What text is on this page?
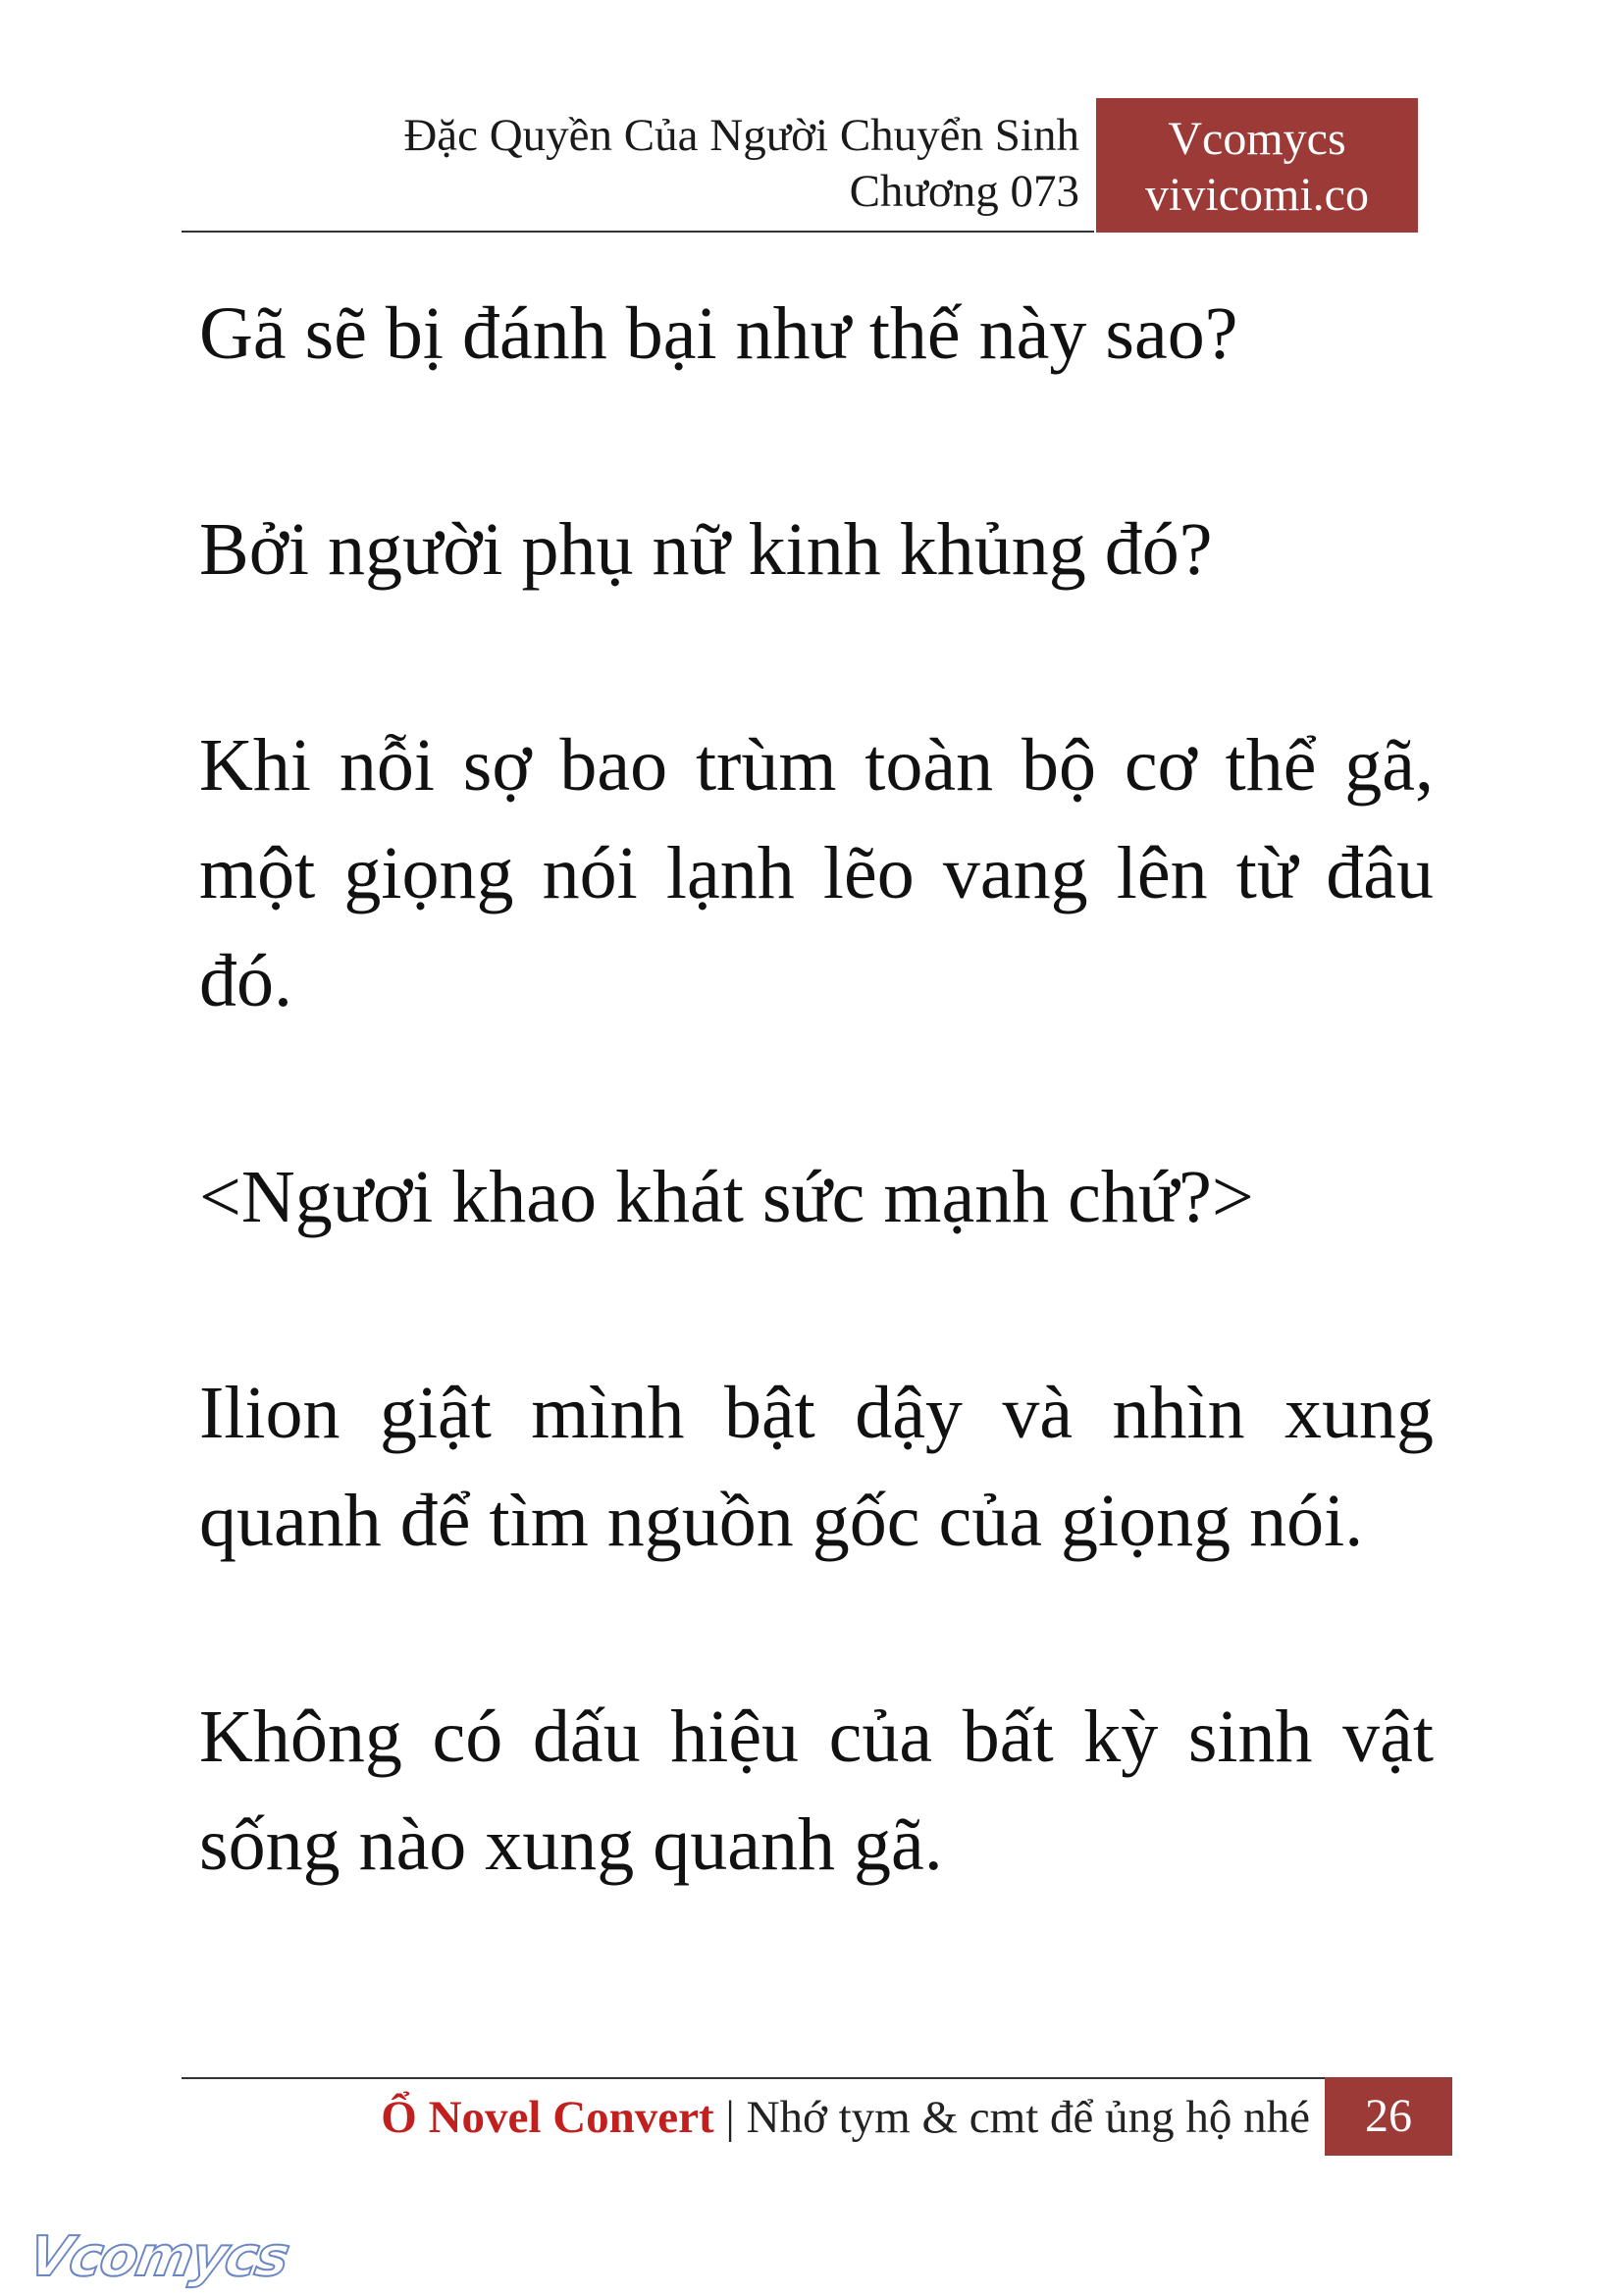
Đặc Quyền Của Người Chuyển Sinh
Chương 073
Vcomycs
vivicomi.co

Gã sẽ bị đánh bại như thế này sao?

Bởi người phụ nữ kinh khủng đó?

Khi nỗi sợ bao trùm toàn bộ cơ thể gã, một giọng nói lạnh lẽo vang lên từ đâu đó.

<Ngươi khao khát sức mạnh chứ?>

Ilion giật mình bật dậy và nhìn xung quanh để tìm nguồn gốc của giọng nói.

Không có dấu hiệu của bất kỳ sinh vật sống nào xung quanh gã.

Ổ Novel Convert | Nhớ tym & cmt để ủng hộ nhé	26
Vcomycs
